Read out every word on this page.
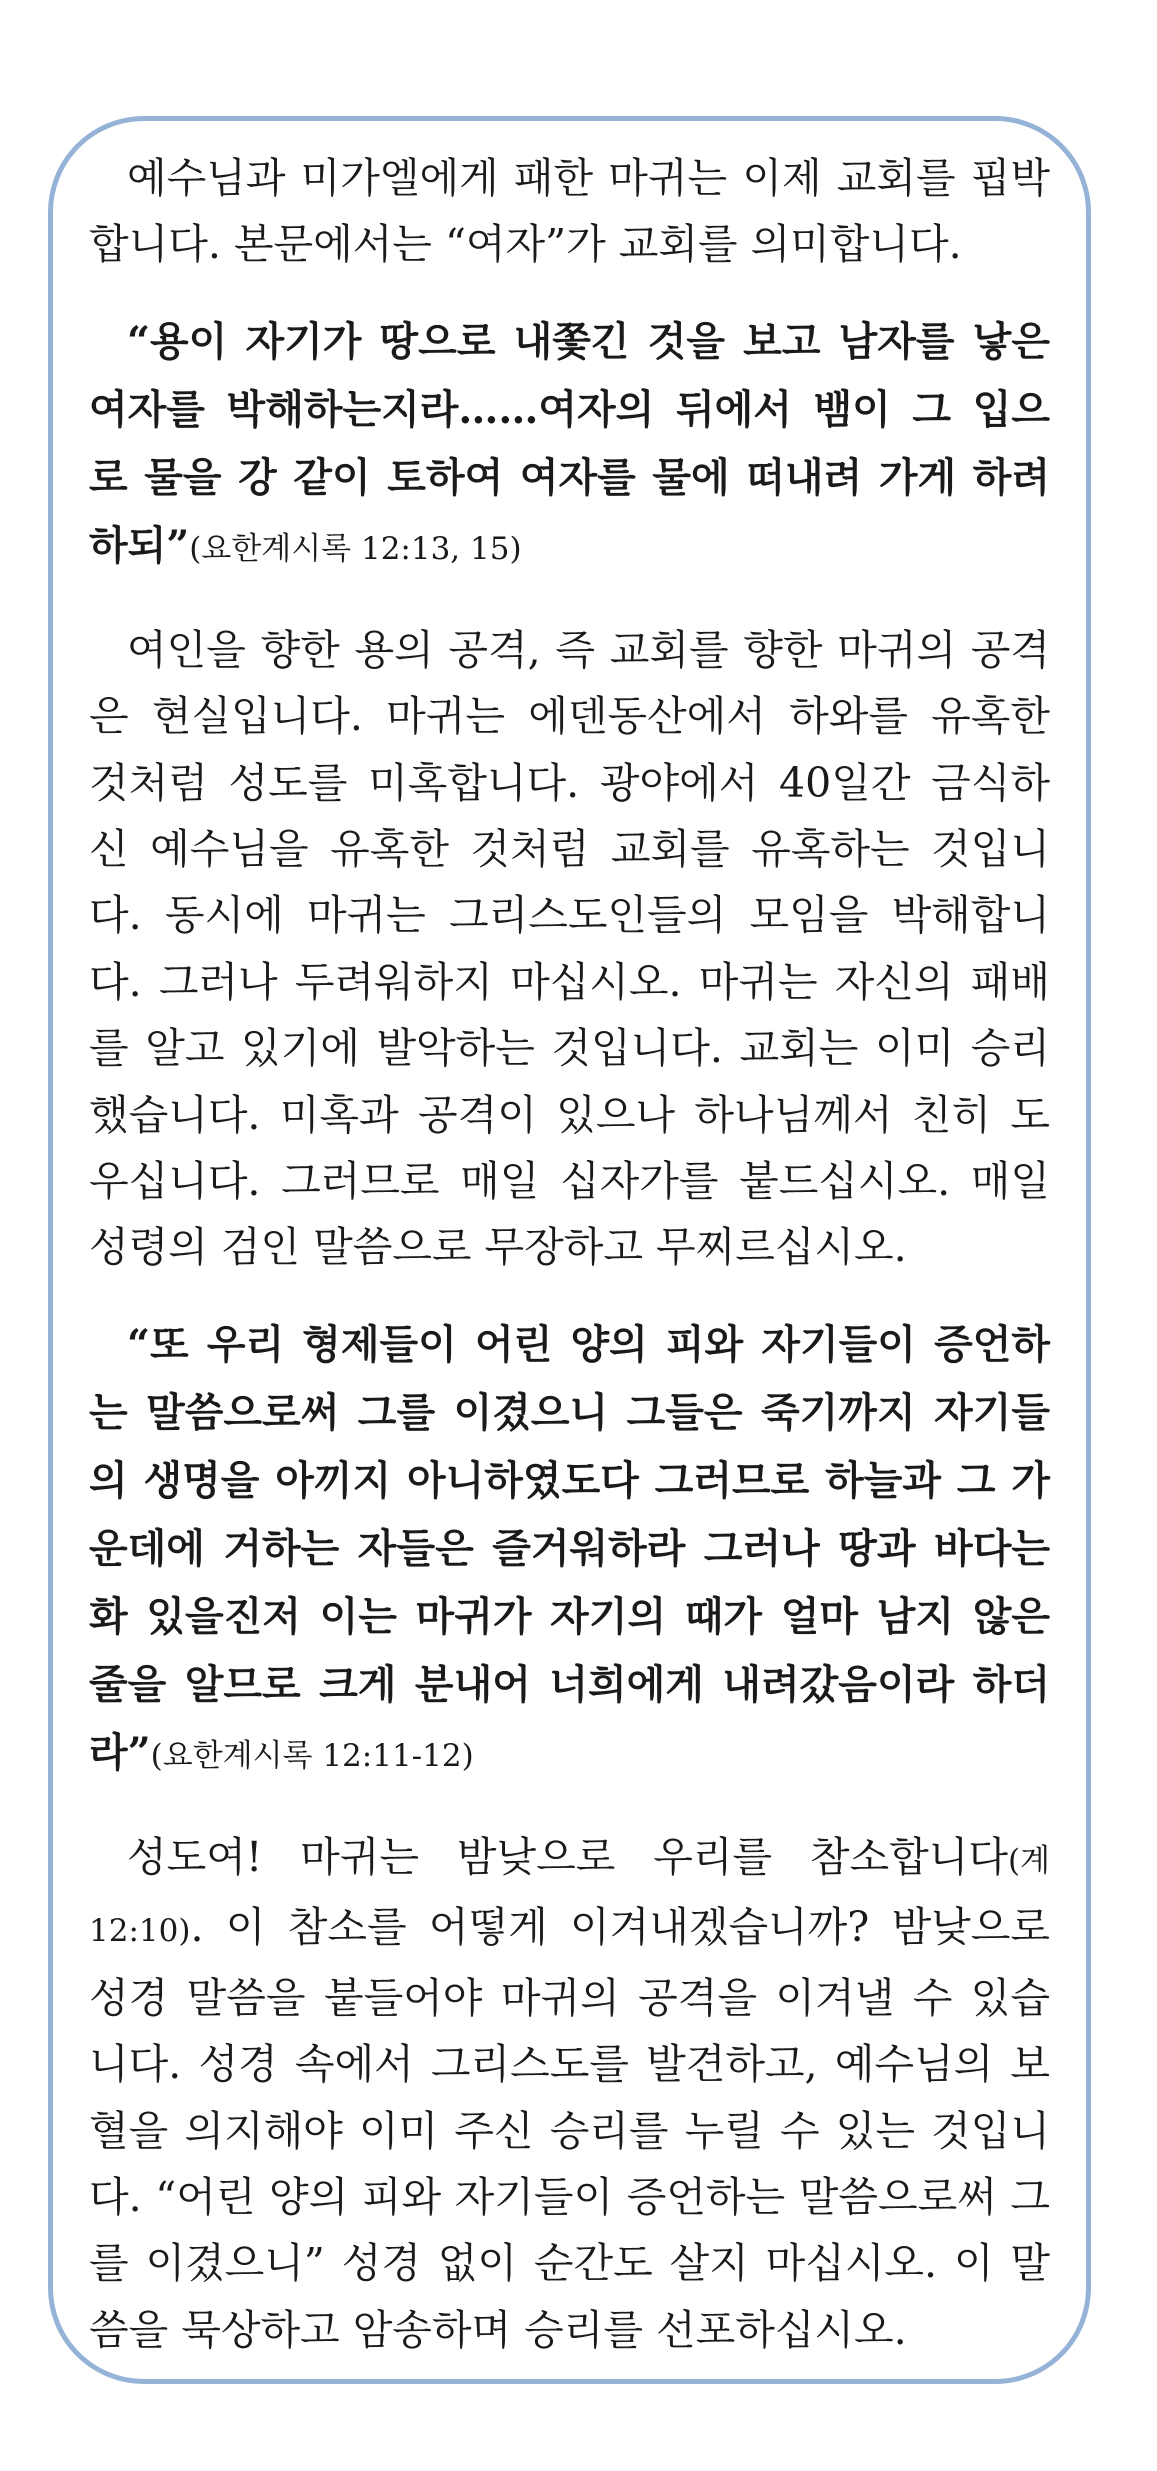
예수님과 미가엘에게 패한 마귀는 이제 교회를 핍박합니다. 본문에서는 “여자”가 교회를 의미합니다.

“용이 자기가 땅으로 내쫓긴 것을 보고 남자를 낳은 여자를 박해하는지라……여자의 뒤에서 뱀이 그 입으로 물을 강 같이 토하여 여자를 물에 떠내려 가게 하려 하되”(요한계시록 12:13, 15)

여인을 향한 용의 공격, 즉 교회를 향한 마귀의 공격은 현실입니다. 마귀는 에덴동산에서 하와를 유혹한 것처럼 성도를 미혹합니다. 광야에서 40일간 금식하신 예수님을 유혹한 것처럼 교회를 유혹하는 것입니다. 동시에 마귀는 그리스도인들의 모임을 박해합니다. 그러나 두려워하지 마십시오. 마귀는 자신의 패배를 알고 있기에 발악하는 것입니다. 교회는 이미 승리했습니다. 미혹과 공격이 있으나 하나님께서 친히 도우십니다. 그러므로 매일 십자가를 붙드십시오. 매일 성령의 검인 말씀으로 무장하고 무찌르십시오.

“또 우리 형제들이 어린 양의 피와 자기들이 증언하는 말씀으로써 그를 이겼으니 그들은 죽기까지 자기들의 생명을 아끼지 아니하였도다 그러므로 하늘과 그 가운데에 거하는 자들은 즐거워하라 그러나 땅과 바다는 화 있을진저 이는 마귀가 자기의 때가 얼마 남지 않은 줄을 알므로 크게 분내어 너희에게 내려갔음이라 하더라”(요한계시록 12:11-12)

성도여! 마귀는 밤낮으로 우리를 참소합니다(계 12:10). 이 참소를 어떻게 이겨내겠습니까? 밤낮으로 성경 말씀을 붙들어야 마귀의 공격을 이겨낼 수 있습니다. 성경 속에서 그리스도를 발견하고, 예수님의 보혈을 의지해야 이미 주신 승리를 누릴 수 있는 것입니다. “어린 양의 피와 자기들이 증언하는 말씀으로써 그를 이겼으니” 성경 없이 순간도 살지 마십시오. 이 말씀을 묵상하고 암송하며 승리를 선포하십시오.
